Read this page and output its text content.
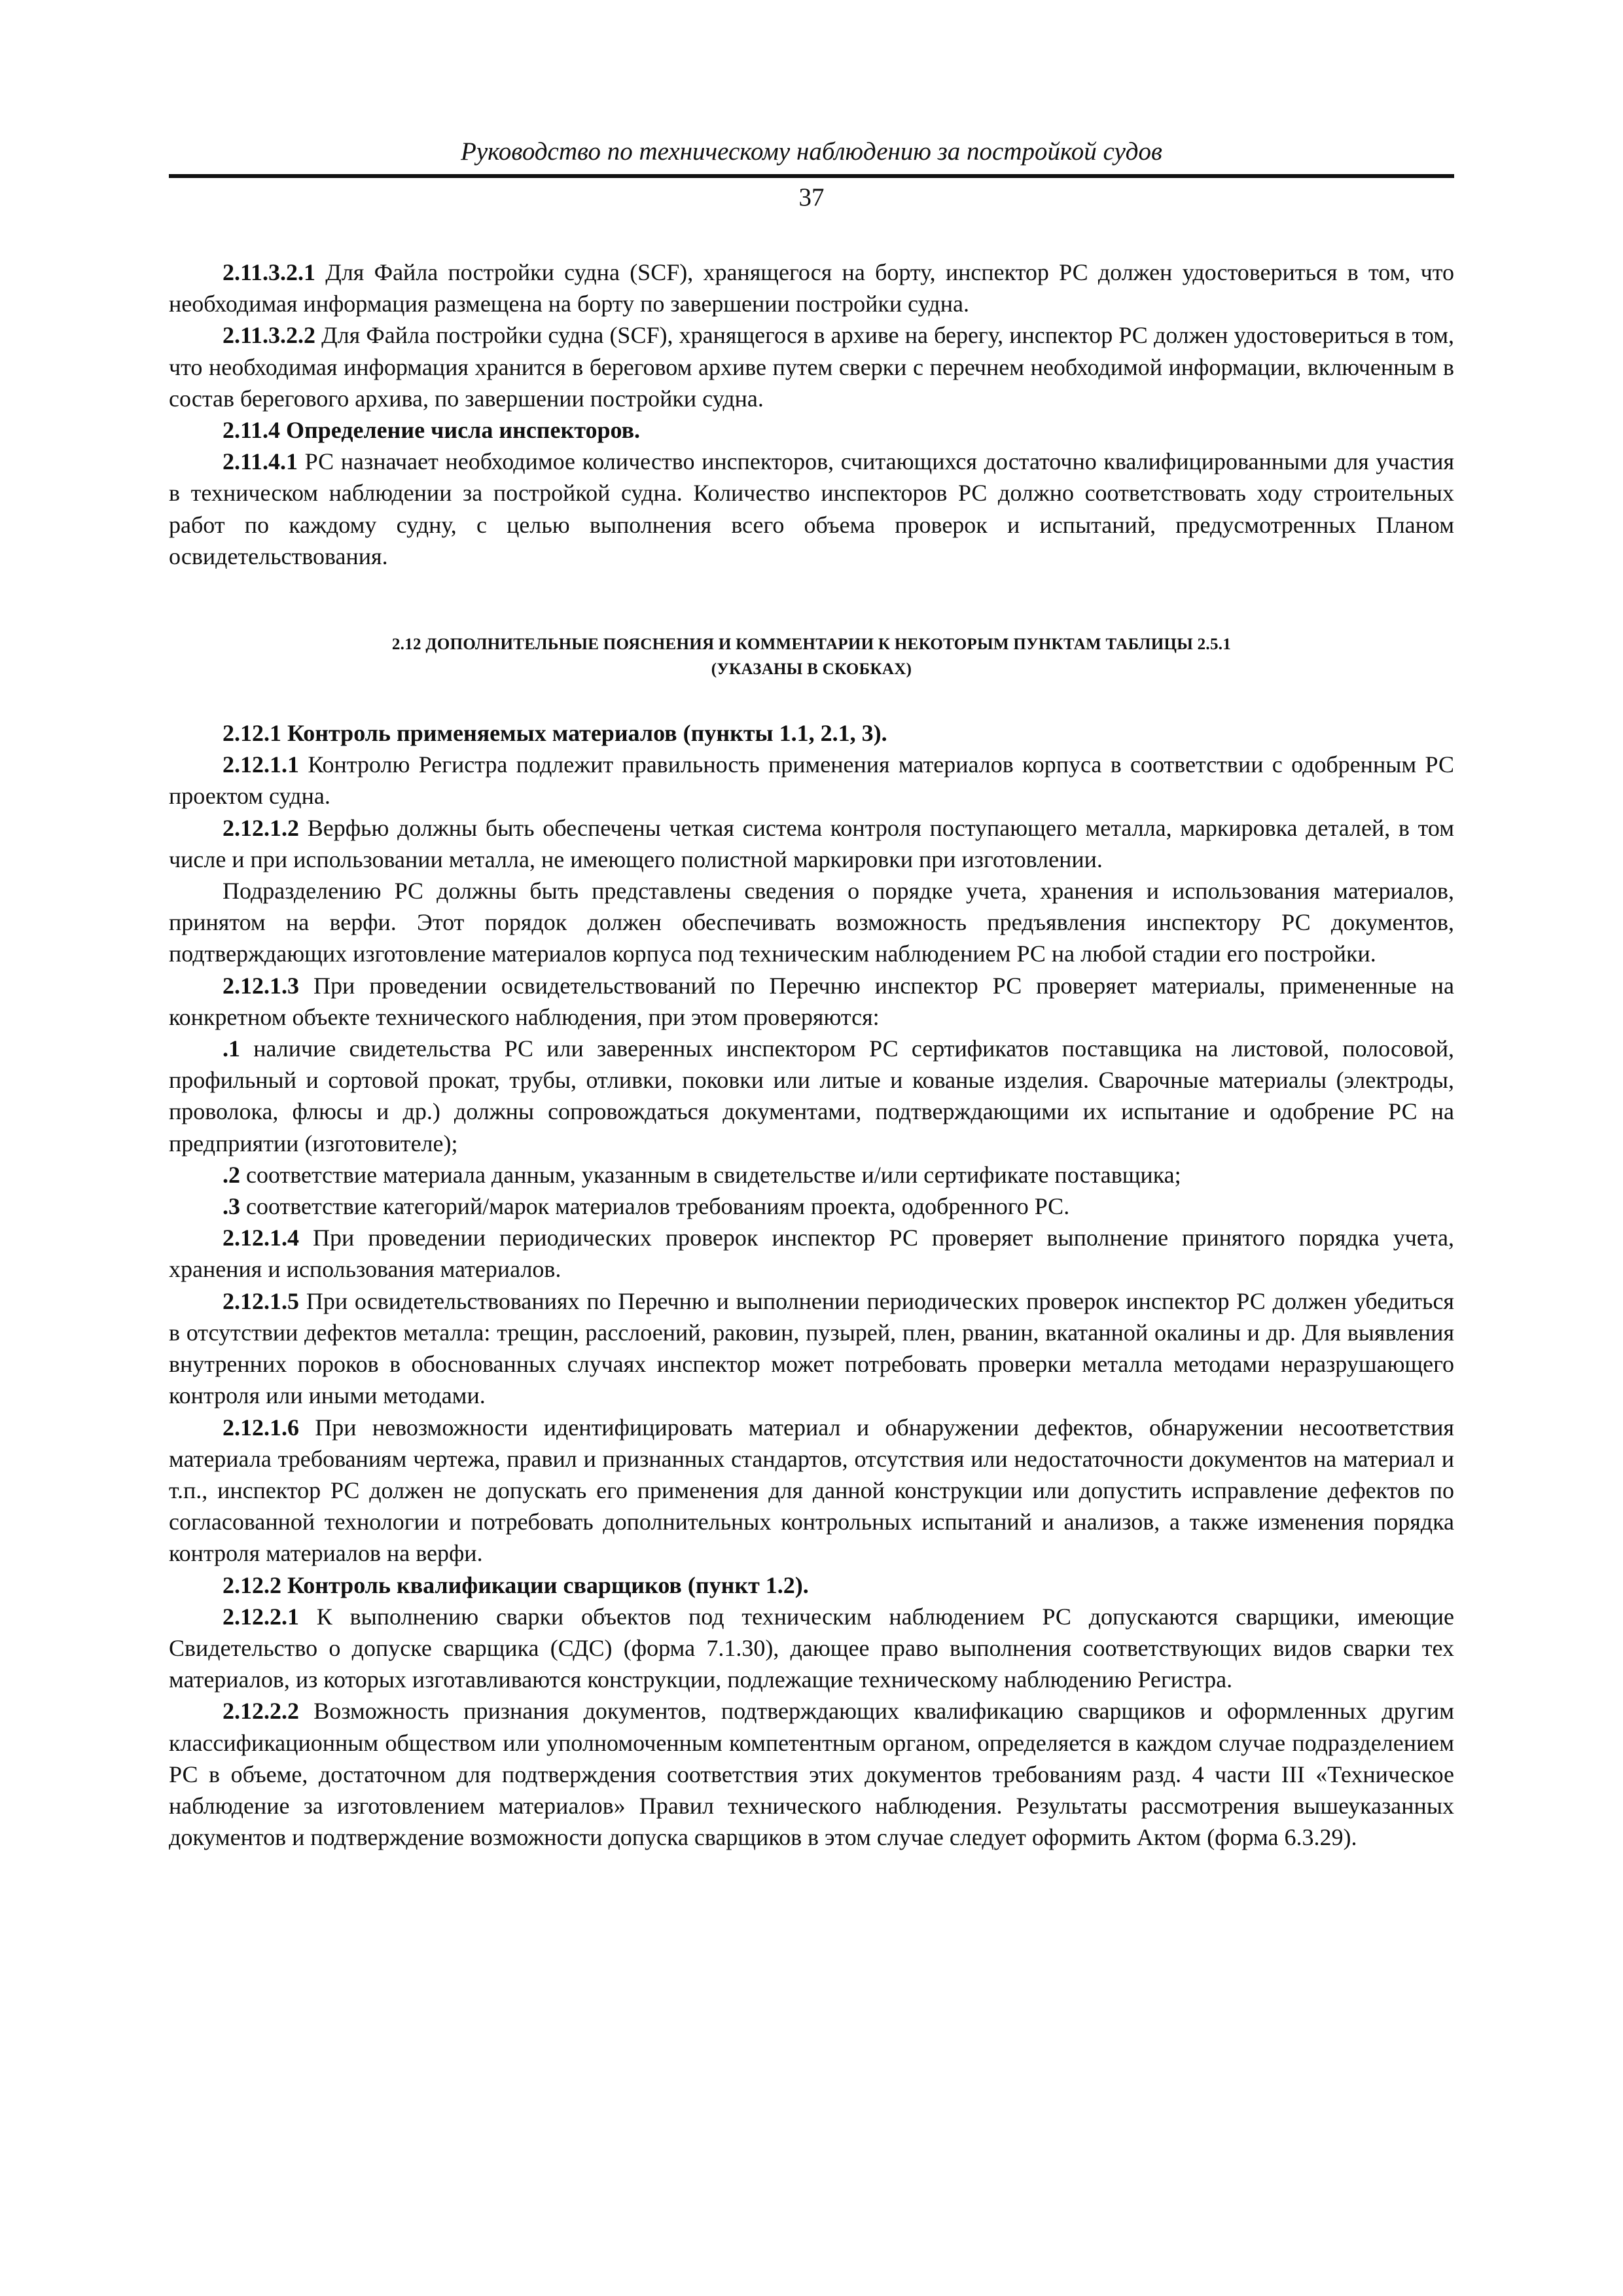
Руководство по техническому наблюдению за постройкой судов
37

2.11.3.2.1 Для Файла постройки судна (SCF), хранящегося на борту, инспектор РС должен удостовериться в том, что необходимая информация размещена на борту по завершении постройки судна.

2.11.3.2.2 Для Файла постройки судна (SCF), хранящегося в архиве на берегу, инспектор РС должен удостовериться в том, что необходимая информация хранится в береговом архиве путем сверки с перечнем необходимой информации, включенным в состав берегового архива, по завершении постройки судна.

2.11.4 Определение числа инспекторов.

2.11.4.1 РС назначает необходимое количество инспекторов, считающихся достаточно квалифицированными для участия в техническом наблюдении за постройкой судна. Количество инспекторов РС должно соответствовать ходу строительных работ по каждому судну, с целью выполнения всего объема проверок и испытаний, предусмотренных Планом освидетельствования.

2.12 ДОПОЛНИТЕЛЬНЫЕ ПОЯСНЕНИЯ И КОММЕНТАРИИ К НЕКОТОРЫМ ПУНКТАМ ТАБЛИЦЫ 2.5.1
(УКАЗАНЫ В СКОБКАХ)

2.12.1 Контроль применяемых материалов (пункты 1.1, 2.1, 3).

2.12.1.1 Контролю Регистра подлежит правильность применения материалов корпуса в соответствии с одобренным РС проектом судна.

2.12.1.2 Верфью должны быть обеспечены четкая система контроля поступающего металла, маркировка деталей, в том числе и при использовании металла, не имеющего полистной маркировки при изготовлении.

Подразделению РС должны быть представлены сведения о порядке учета, хранения и использования материалов, принятом на верфи. Этот порядок должен обеспечивать возможность предъявления инспектору РС документов, подтверждающих изготовление материалов корпуса под техническим наблюдением РС на любой стадии его постройки.

2.12.1.3 При проведении освидетельствований по Перечню инспектор РС проверяет материалы, примененные на конкретном объекте технического наблюдения, при этом проверяются:

.1 наличие свидетельства РС или заверенных инспектором РС сертификатов поставщика на листовой, полосовой, профильный и сортовой прокат, трубы, отливки, поковки или литые и кованые изделия. Сварочные материалы (электроды, проволока, флюсы и др.) должны сопровождаться документами, подтверждающими их испытание и одобрение РС на предприятии (изготовителе);

.2 соответствие материала данным, указанным в свидетельстве и/или сертификате поставщика;

.3 соответствие категорий/марок материалов требованиям проекта, одобренного РС.

2.12.1.4 При проведении периодических проверок инспектор РС проверяет выполнение принятого порядка учета, хранения и использования материалов.

2.12.1.5 При освидетельствованиях по Перечню и выполнении периодических проверок инспектор РС должен убедиться в отсутствии дефектов металла: трещин, расслоений, раковин, пузырей, плен, рванин, вкатанной окалины и др. Для выявления внутренних пороков в обоснованных случаях инспектор может потребовать проверки металла методами неразрушающего контроля или иными методами.

2.12.1.6 При невозможности идентифицировать материал и обнаружении дефектов, обнаружении несоответствия материала требованиям чертежа, правил и признанных стандартов, отсутствия или недостаточности документов на материал и т.п., инспектор РС должен не допускать его применения для данной конструкции или допустить исправление дефектов по согласованной технологии и потребовать дополнительных контрольных испытаний и анализов, а также изменения порядка контроля материалов на верфи.

2.12.2 Контроль квалификации сварщиков (пункт 1.2).

2.12.2.1 К выполнению сварки объектов под техническим наблюдением РС допускаются сварщики, имеющие Свидетельство о допуске сварщика (СДС) (форма 7.1.30), дающее право выполнения соответствующих видов сварки тех материалов, из которых изготавливаются конструкции, подлежащие техническому наблюдению Регистра.

2.12.2.2 Возможность признания документов, подтверждающих квалификацию сварщиков и оформленных другим классификационным обществом или уполномоченным компетентным органом, определяется в каждом случае подразделением РС в объеме, достаточном для подтверждения соответствия этих документов требованиям разд. 4 части III «Техническое наблюдение за изготовлением материалов» Правил технического наблюдения. Результаты рассмотрения вышеуказанных документов и подтверждение возможности допуска сварщиков в этом случае следует оформить Актом (форма 6.3.29).
